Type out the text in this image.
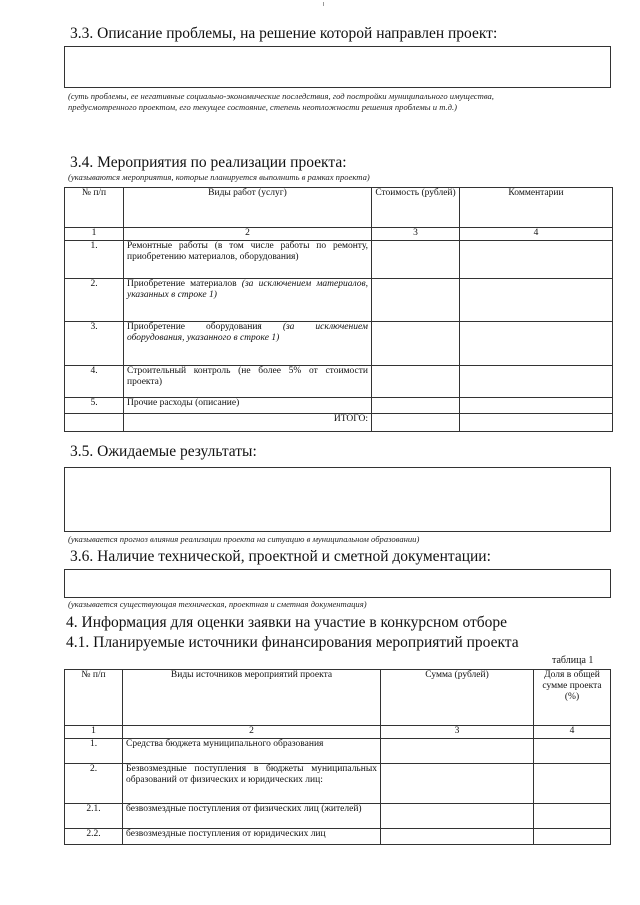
3.3. Описание проблемы, на решение которой направлен проект:
(суть проблемы, ее негативные социально-экономические последствия, год постройки муниципального имущества,
предусмотренного проектом, его текущее состояние, степень неотложности решения проблемы и т.д.)
3.4. Мероприятия по реализации проекта:
(указываются мероприятия, которые планируется выполнить в рамках проекта)
№ п/п	Виды работ (услуг)	Стоимость (рублей)	Комментарии
1	2	3	4
1.	Ремонтные работы (в том числе работы по ремонту, приобретению материалов, оборудования)		
2.	Приобретение материалов (за исключением материалов, указанных в строке 1)		
3.	Приобретение оборудования (за исключением оборудования, указанного в строке 1)		
4.	Строительный контроль (не более 5% от стоимости проекта)		
5.	Прочие расходы (описание)		
	ИТОГО:		
3.5. Ожидаемые результаты:
(указывается прогноз влияния реализации проекта на ситуацию в муниципальном образовании)
3.6. Наличие технической, проектной и сметной документации:
(указывается существующая техническая, проектная и сметная документация)
4. Информация для оценки заявки на участие в конкурсном отборе
4.1. Планируемые источники финансирования мероприятий проекта
таблица 1
№ п/п	Виды источников мероприятий проекта	Сумма (рублей)	Доля в общей сумме проекта (%)
1	2	3	4
1.	Средства бюджета муниципального образования		
2.	Безвозмездные поступления в бюджеты муниципальных образований от физических и юридических лиц:		
2.1.	безвозмездные поступления от физических лиц (жителей)		
2.2.	безвозмездные поступления от юридических лиц		
